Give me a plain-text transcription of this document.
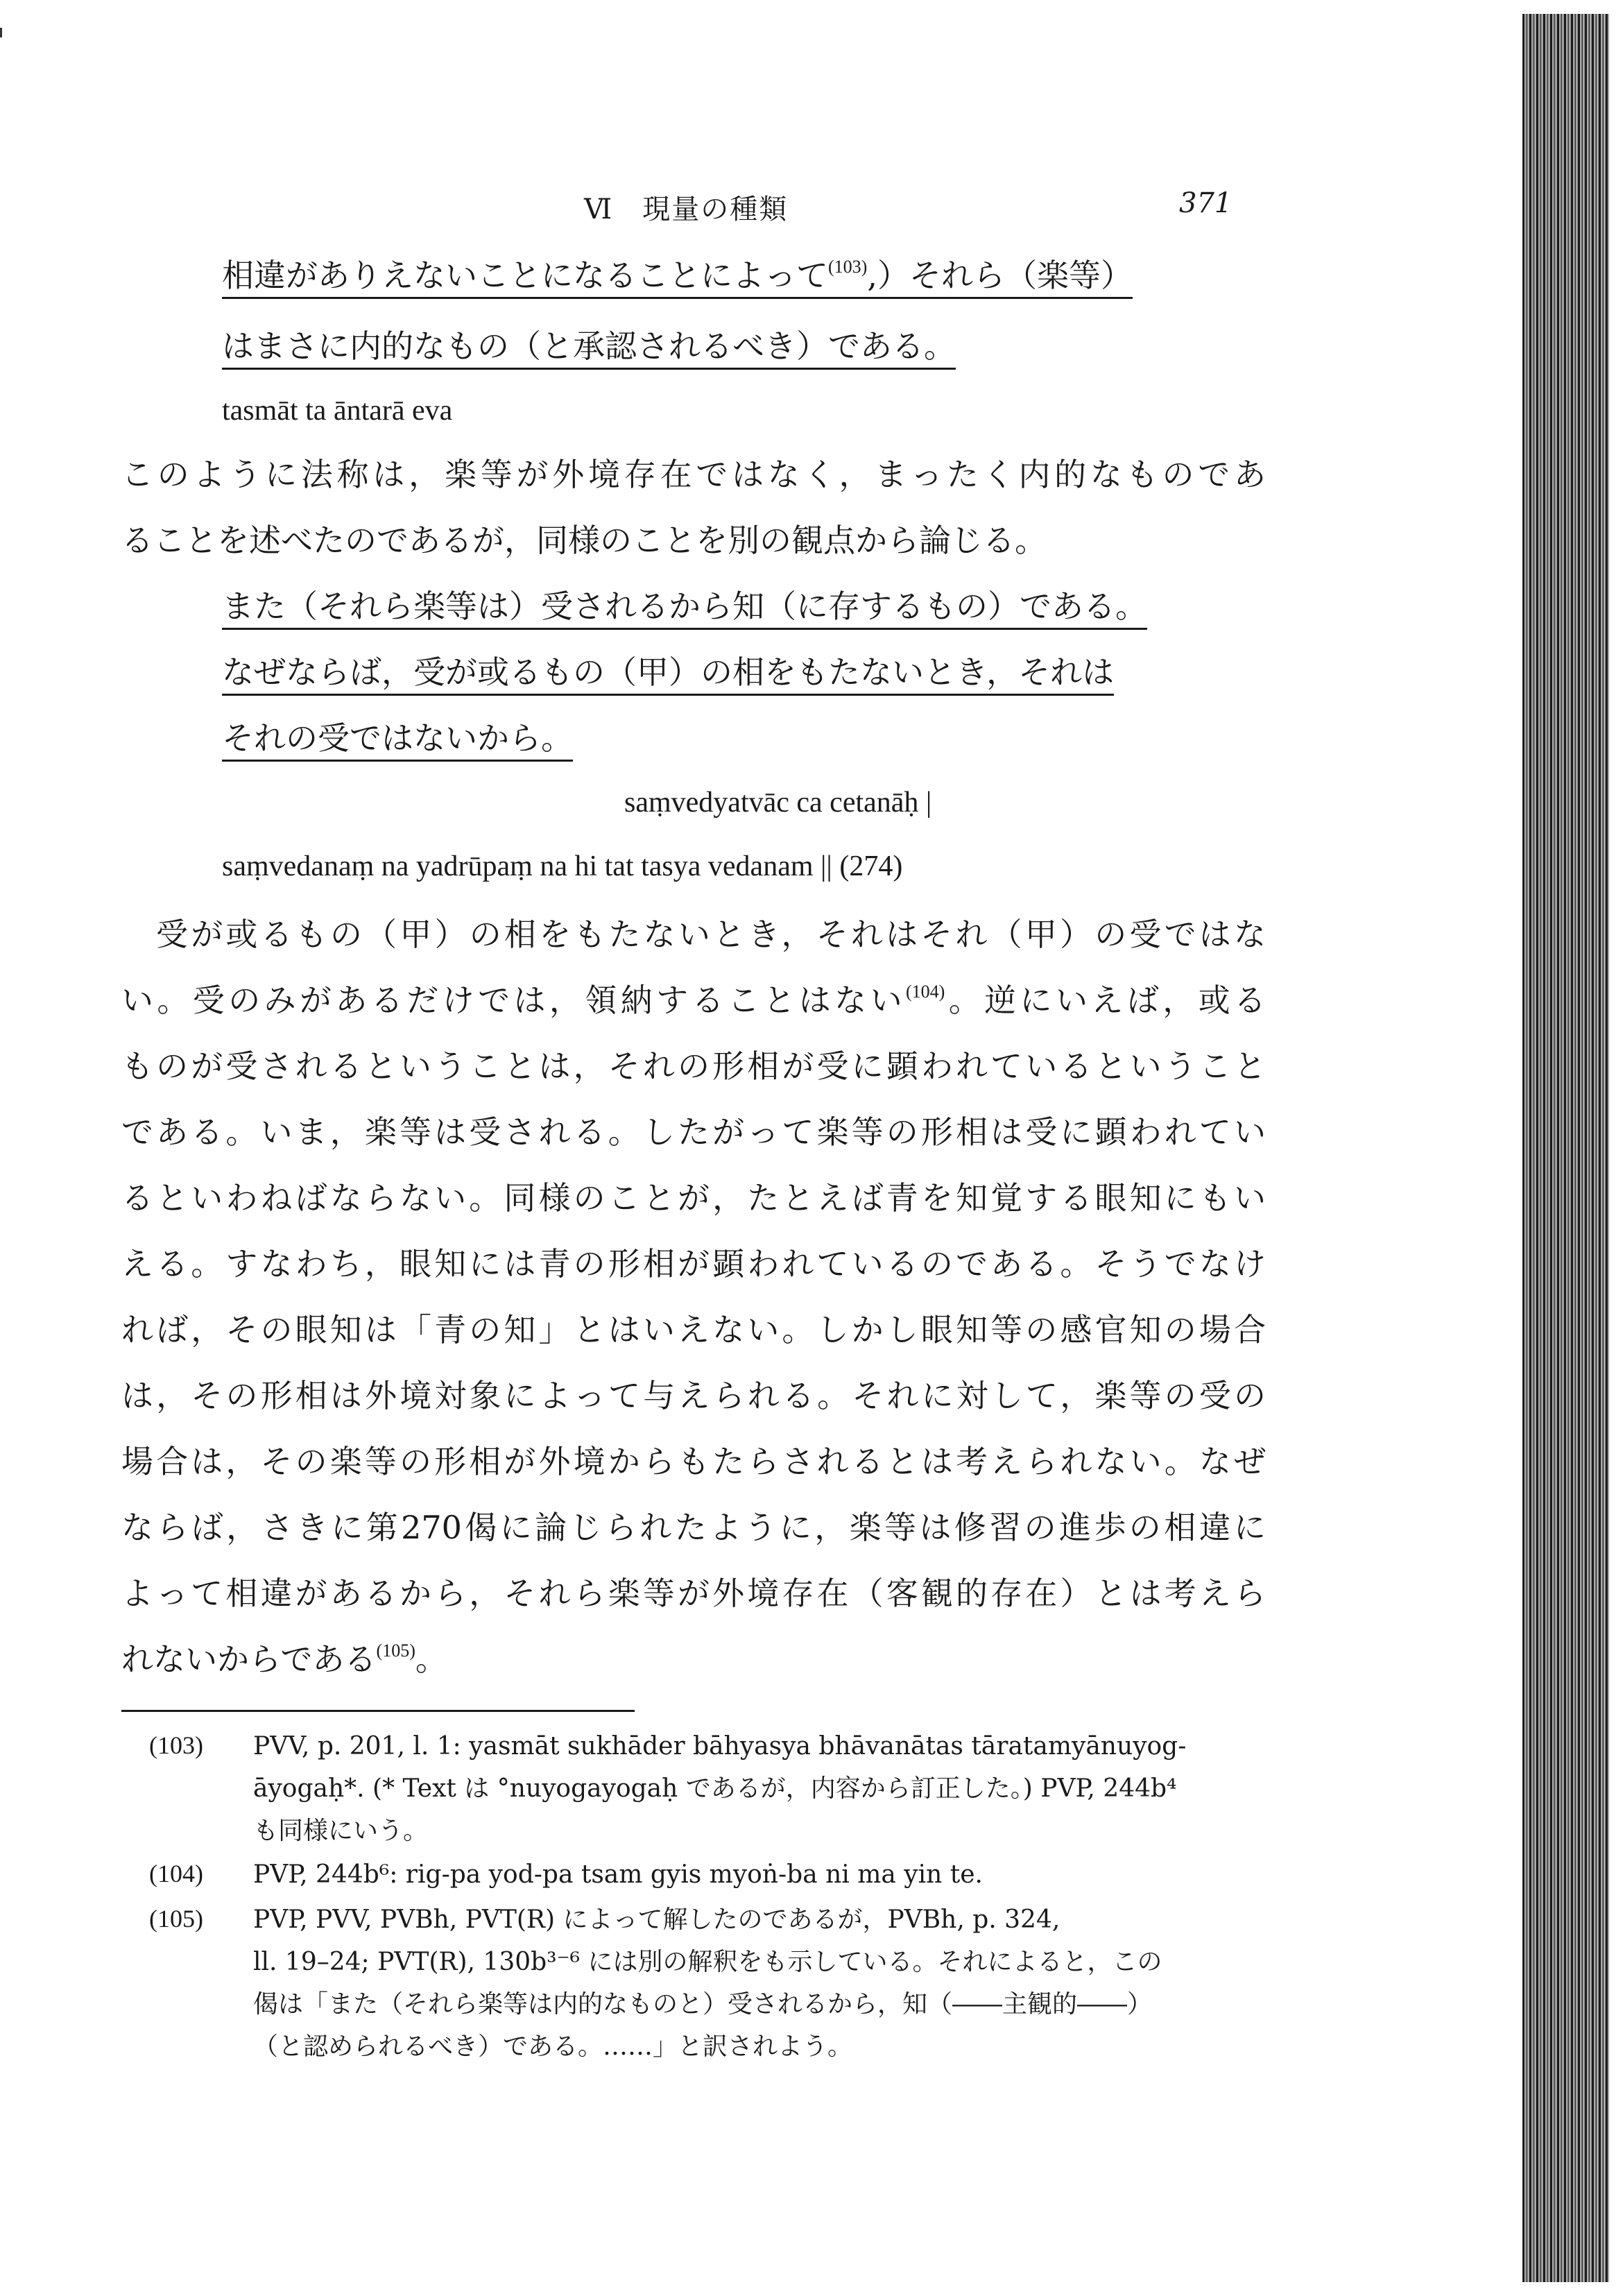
Ⅵ　現量の種類	371
相違がありえないことになることによって$^{(103)}$,）それら（楽等）
はまさに内的なもの（と承認されるべき）である。
tasmāt ta āntarā eva
このように法称は，楽等が外境存在ではなく，まったく内的なものであ
ることを述べたのであるが，同様のことを別の観点から論じる。
また（それら楽等は）受されるから知（に存するもの）である。
なぜならば，受が或るもの（甲）の相をもたないとき，それは
それの受ではないから。
saṃvedyatvāc ca cetanāḥ |
saṃvedanaṃ na yadrūpaṃ na hi tat tasya vedanam || (274)
受が或るもの（甲）の相をもたないとき，それはそれ（甲）の受ではな
い。受のみがあるだけでは，領納することはない$^{(104)}$。逆にいえば，或る
ものが受されるということは，それの形相が受に顕われているということ
である。いま，楽等は受される。したがって楽等の形相は受に顕われてい
るといわねばならない。同様のことが，たとえば青を知覚する眼知にもい
える。すなわち，眼知には青の形相が顕われているのである。そうでなけ
れば，その眼知は「青の知」とはいえない。しかし眼知等の感官知の場合
は，その形相は外境対象によって与えられる。それに対して，楽等の受の
場合は，その楽等の形相が外境からもたらされるとは考えられない。なぜ
ならば，さきに第270偈に論じられたように，楽等は修習の進歩の相違に
よって相違があるから，それら楽等が外境存在（客観的存在）とは考えら
れないからである$^{(105)}$。
(103) PVV, p. 201, l. 1: yasmāt sukhāder bāhyasya bhāvanātas tāratamyānuyog-
āyogaḥ*. (* Text は °nuyogayogaḥ であるが，内容から訂正した。) PVP, 244b⁴
も同様にいう。
(104) PVP, 244b⁶: rig-pa yod-pa tsam gyis myoṅ-ba ni ma yin te.
(105) PVP, PVV, PVBh, PVT(R) によって解したのであるが，PVBh, p. 324,
ll. 19–24; PVT(R), 130b³⁻⁶ には別の解釈をも示している。それによると，この
偈は「また（それら楽等は内的なものと）受されるから，知（――主観的――）
（と認められるべき）である。……」と訳されよう。
